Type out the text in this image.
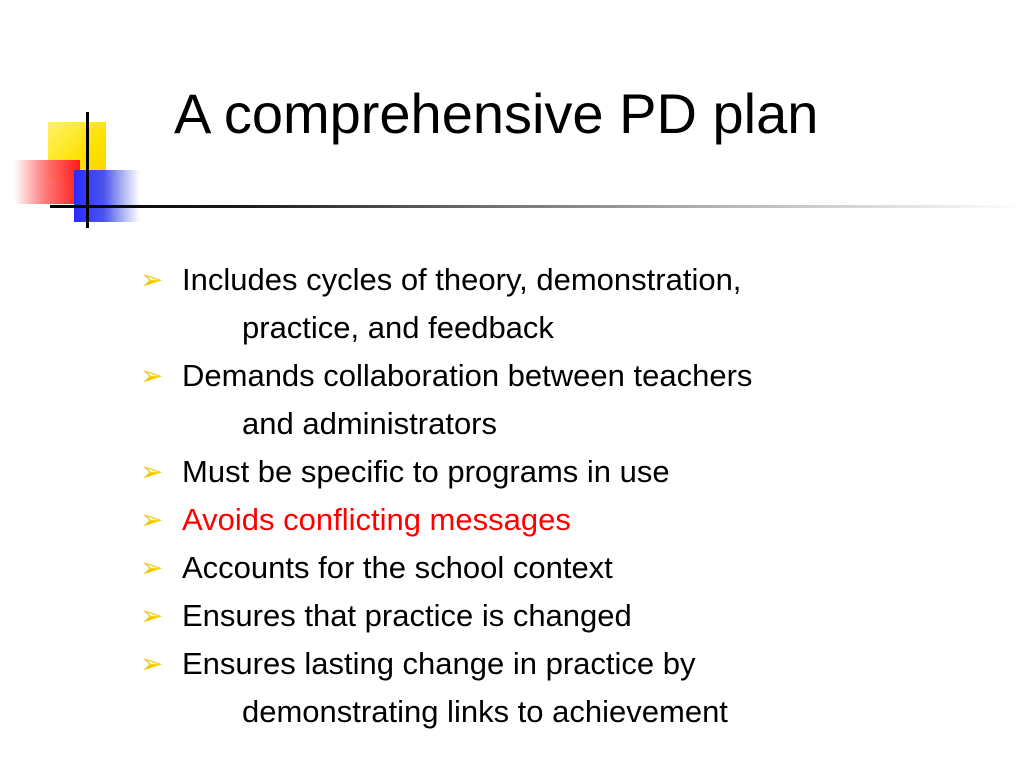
A comprehensive PD plan
➢ Includes cycles of theory, demonstration,
practice, and feedback
➢ Demands collaboration between teachers
and administrators
➢ Must be specific to programs in use
➢ Avoids conflicting messages
➢ Accounts for the school context
➢ Ensures that practice is changed
➢ Ensures lasting change in practice by
demonstrating links to achievement
